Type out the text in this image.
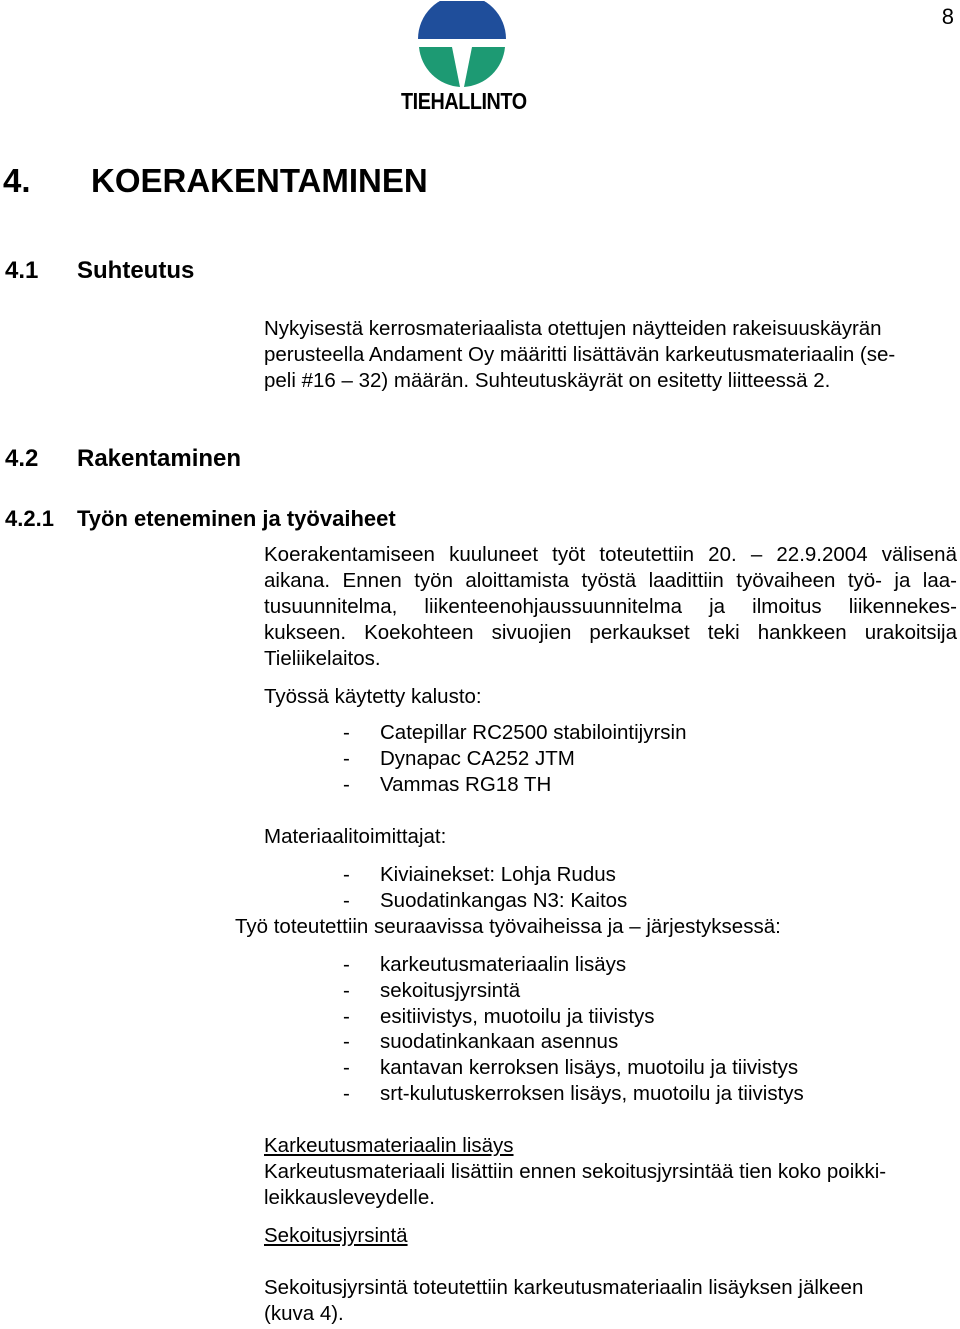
8
TIEHALLINTO
4. KOERAKENTAMINEN
4.1 Suhteutus
Nykyisestä kerrosmateriaalista otettujen näytteiden rakeisuuskäyrän
perusteella Andament Oy määritti lisättävän karkeutusmateriaalin (se-
peli #16 – 32) määrän. Suhteutuskäyrät on esitetty liitteessä 2.
4.2 Rakentaminen
4.2.1 Työn eteneminen ja työvaiheet
Koerakentamiseen kuuluneet työt toteutettiin 20. – 22.9.2004 välisenä
aikana. Ennen työn aloittamista työstä laadittiin työvaiheen työ- ja laa-
tusuunnitelma, liikenteenohjaussuunnitelma ja ilmoitus liikennekes-
kukseen. Koekohteen sivuojien perkaukset teki hankkeen urakoitsija
Tieliikelaitos.
Työssä käytetty kalusto:
- Catepillar RC2500 stabilointijyrsin
- Dynapac CA252 JTM
- Vammas RG18 TH
Materiaalitoimittajat:
- Kiviainekset: Lohja Rudus
- Suodatinkangas N3: Kaitos
Työ toteutettiin seuraavissa työvaiheissa ja – järjestyksessä:
- karkeutusmateriaalin lisäys
- sekoitusjyrsintä
- esitiivistys, muotoilu ja tiivistys
- suodatinkankaan asennus
- kantavan kerroksen lisäys, muotoilu ja tiivistys
- srt-kulutuskerroksen lisäys, muotoilu ja tiivistys
Karkeutusmateriaalin lisäys
Karkeutusmateriaali lisättiin ennen sekoitusjyrsintää tien koko poikki-
leikkausleveydelle.
Sekoitusjyrsintä
Sekoitusjyrsintä toteutettiin karkeutusmateriaalin lisäyksen jälkeen
(kuva 4).
